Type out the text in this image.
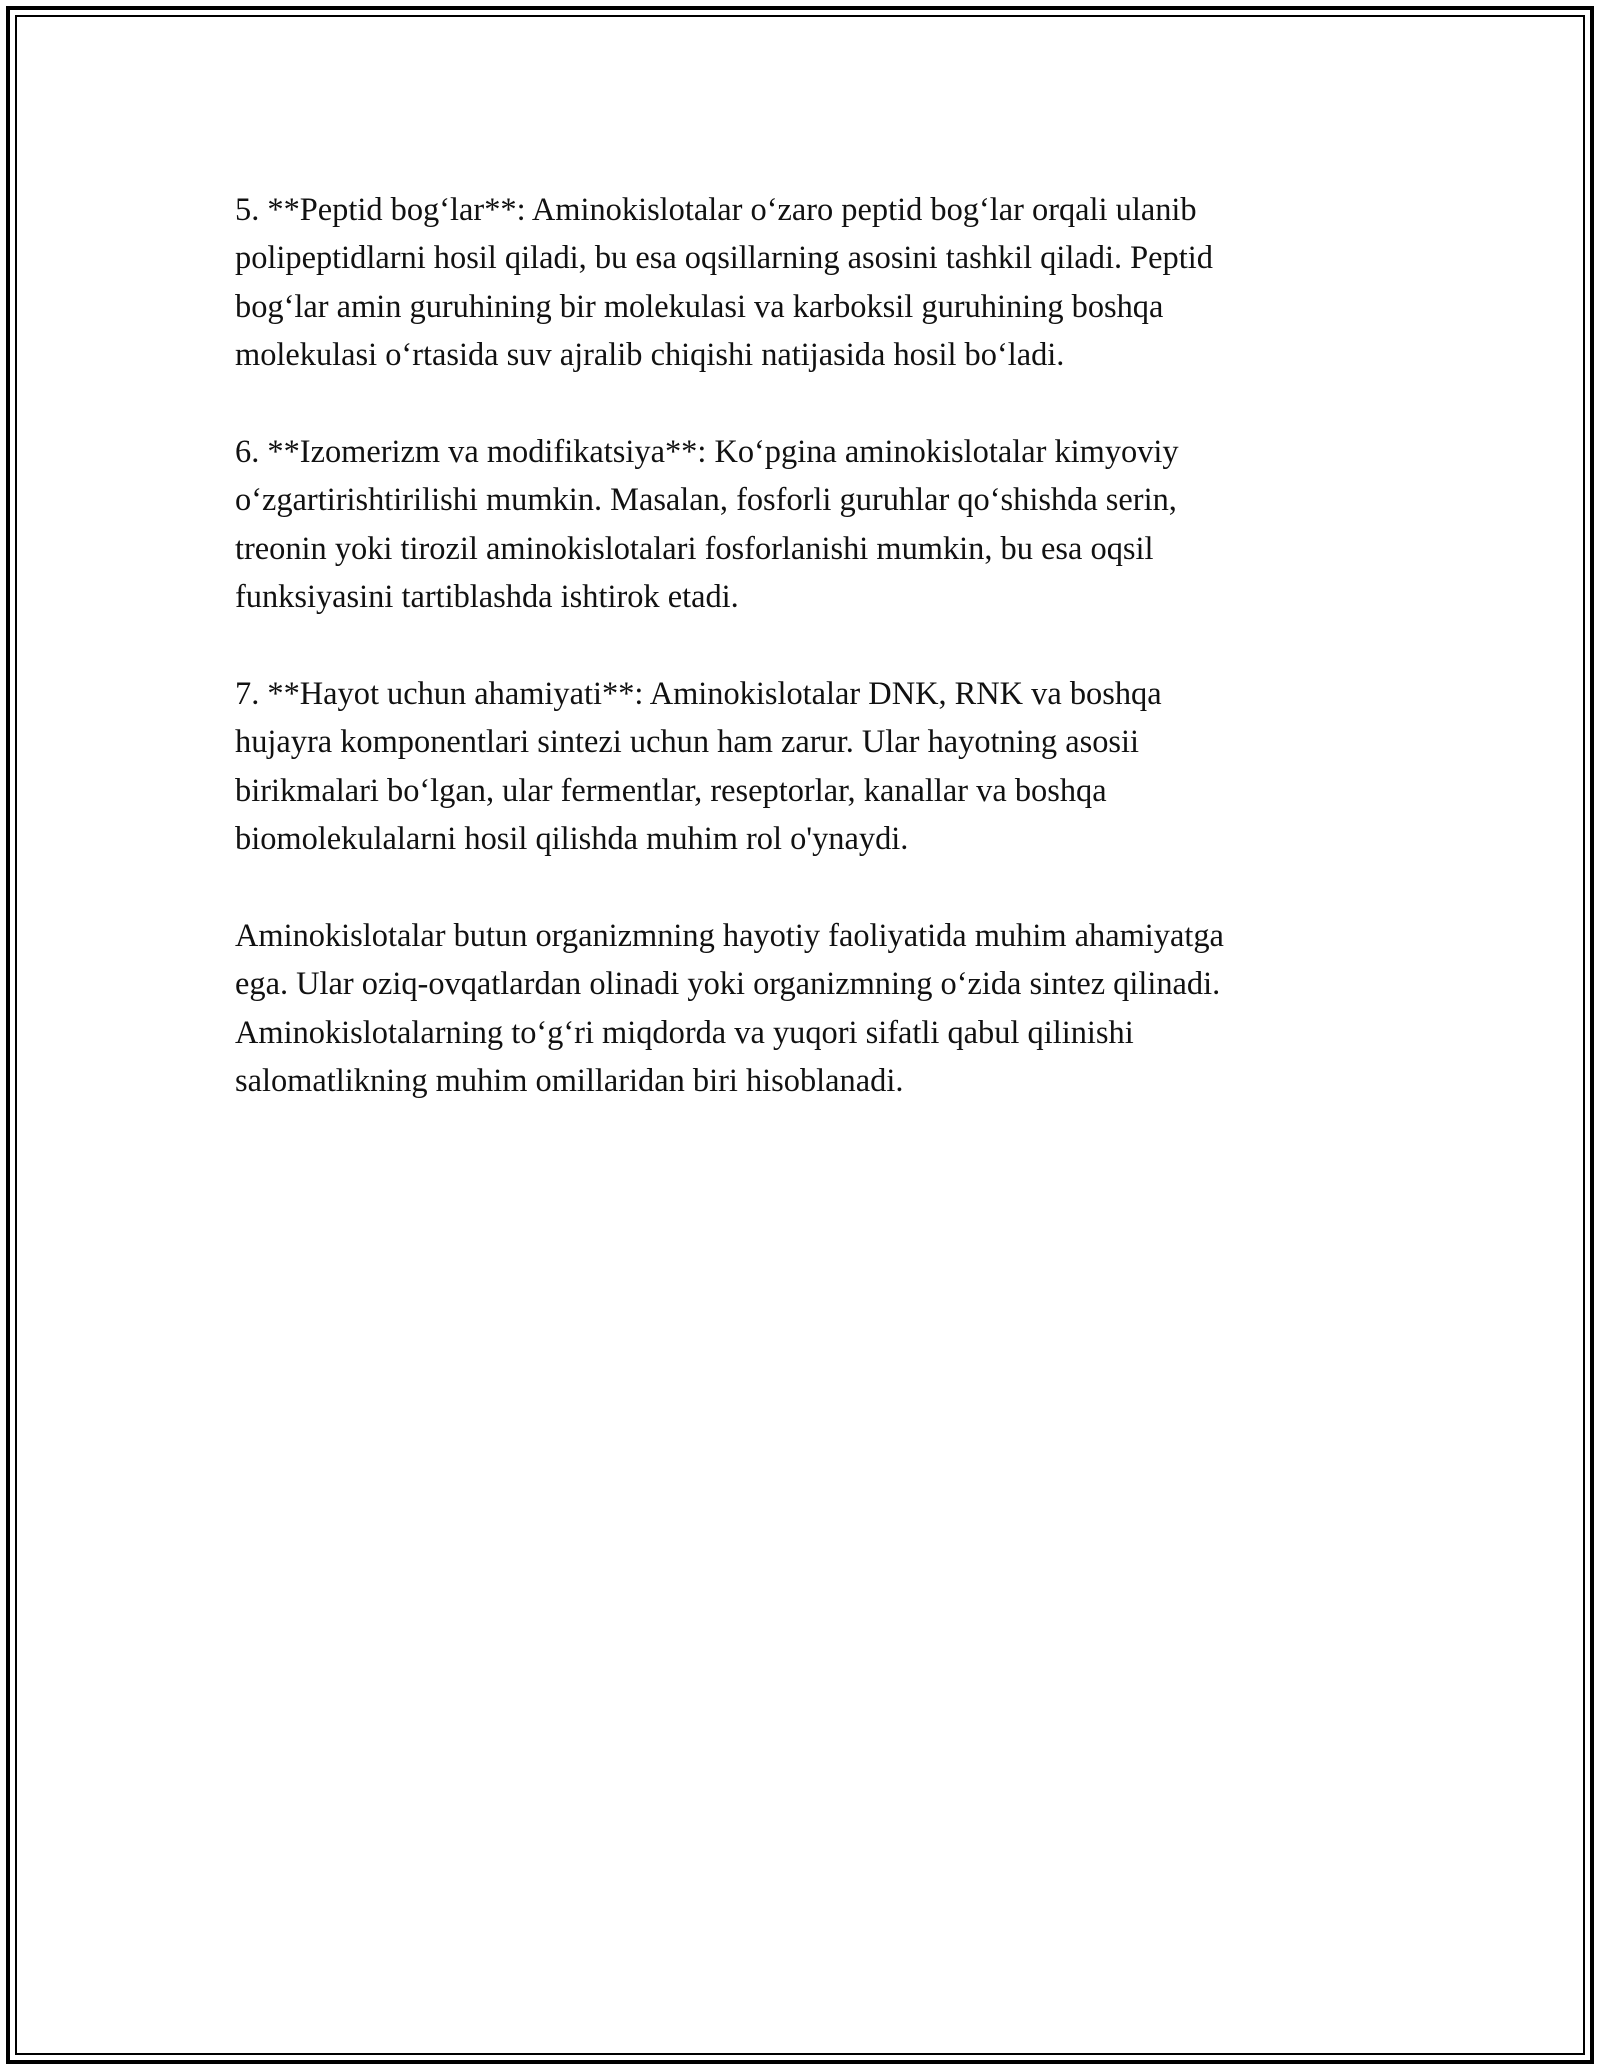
5. **Peptid bog‘lar**: Aminokislotalar o‘zaro peptid bog‘lar orqali ulanib
polipeptidlarni hosil qiladi, bu esa oqsillarning asosini tashkil qiladi. Peptid
bog‘lar amin guruhining bir molekulasi va karboksil guruhining boshqa
molekulasi o‘rtasida suv ajralib chiqishi natijasida hosil bo‘ladi.

6. **Izomerizm va modifikatsiya**: Ko‘pgina aminokislotalar kimyoviy
o‘zgartirishtirilishi mumkin. Masalan, fosforli guruhlar qo‘shishda serin,
treonin yoki tirozil aminokislotalari fosforlanishi mumkin, bu esa oqsil
funksiyasini tartiblashda ishtirok etadi.

7. **Hayot uchun ahamiyati**: Aminokislotalar DNK, RNK va boshqa
hujayra komponentlari sintezi uchun ham zarur. Ular hayotning asosii
birikmalari bo‘lgan, ular fermentlar, reseptorlar, kanallar va boshqa
biomolekulalarni hosil qilishda muhim rol o'ynaydi.

Aminokislotalar butun organizmning hayotiy faoliyatida muhim ahamiyatga
ega. Ular oziq-ovqatlardan olinadi yoki organizmning o‘zida sintez qilinadi.
Aminokislotalarning to‘g‘ri miqdorda va yuqori sifatli qabul qilinishi
salomatlikning muhim omillaridan biri hisoblanadi.
